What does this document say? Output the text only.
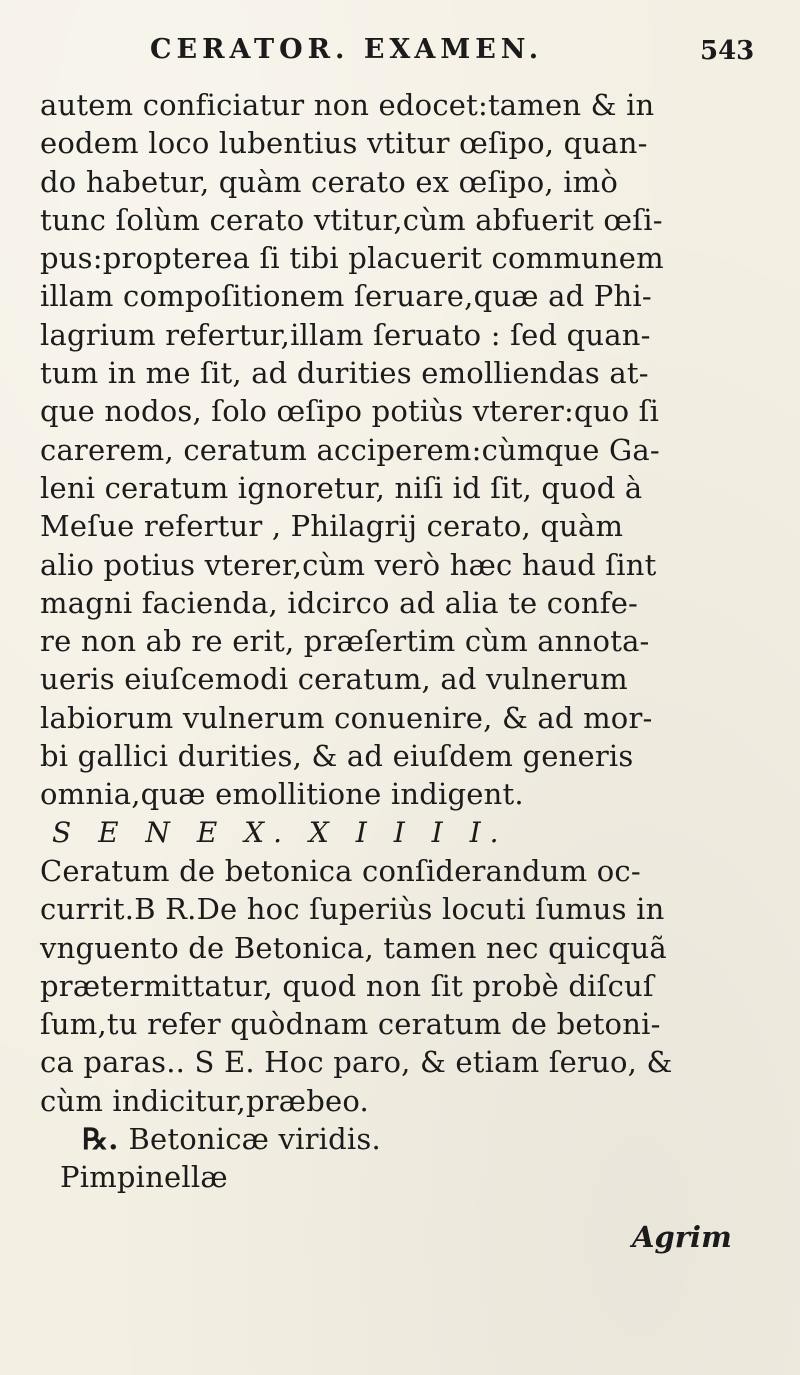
CERATOR. EXAMEN.	543
autem conficiatur non edocet:tamen & in
eodem loco lubentius vtitur œſipo, quan-
do habetur, quàm cerato ex œſipo, imò
tunc ſolùm cerato vtitur,cùm abfuerit œſi-
pus:propterea ſi tibi placuerit communem
illam compoſitionem ſeruare,quæ ad Phi-
lagrium refertur,illam ſeruato : ſed quan-
tum in me ſit, ad durities emolliendas at-
que nodos, ſolo œſipo potiùs vterer:quo ſi
carerem, ceratum acciperem:cùmque Ga-
leni ceratum ignoretur, niſi id ſit, quod à
Meſue refertur , Philagrij cerato, quàm
alio potius vterer,cùm verò hæc haud ſint
magni facienda, idcirco ad alia te confe-
re non ab re erit, præſertim cùm annota-
ueris eiuſcemodi ceratum, ad vulnerum
labiorum vulnerum conuenire, & ad mor-
bi gallici durities, & ad eiuſdem generis
omnia,quæ emollitione indigent.
S E N E X. X I I I I.
Ceratum de betonica conſiderandum oc-
currit.B R.De hoc ſuperiùs locuti ſumus in
vnguento de Betonica, tamen nec quicquã
prætermittatur, quod non ſit probè diſcuſ
ſum,tu refer quòdnam ceratum de betoni-
ca paras.. S E. Hoc paro, & etiam ſeruo, &
cùm indicitur,præbeo.
℞. Betonicæ viridis.
Pimpinellæ
Agrim
